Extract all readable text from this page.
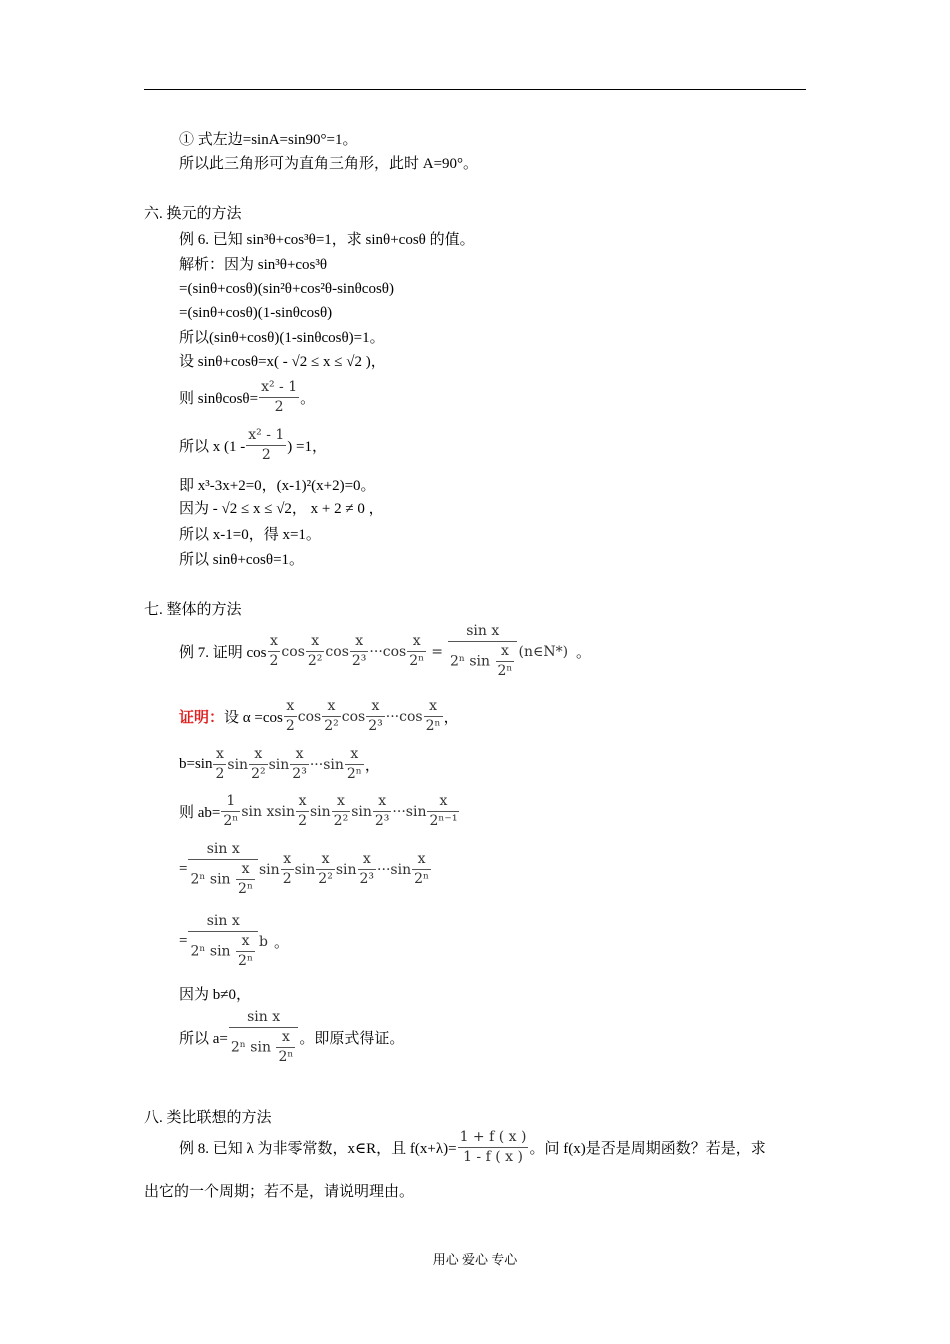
① 式左边=sinA=sin90°=1。
所以此三角形可为直角三角形，此时 A=90°。
六. 换元的方法
例 6. 已知 sin³θ+cos³θ=1，求 sinθ+cosθ 的值。
解析：因为 sin³θ+cos³θ
=(sinθ+cosθ)(sin²θ+cos²θ-sinθcosθ)
=(sinθ+cosθ)(1-sinθcosθ)
所以(sinθ+cosθ)(1-sinθcosθ)=1。
设 sinθ+cosθ=x( - √2 ≤ x ≤ √2 )，
则 $\sin\theta\cos\theta= \frac{\text{x² - 1}}{2}$ 。
所以 x ($1 - \frac{\text{x² - 1}}{2}$ ) =1，
即 x³-3x+2=0，(x-1)²(x+2)=0。
因为 - √2 ≤ x ≤ √2， x + 2 ≠ 0 ，
所以 x-1=0，得 x=1。
所以 sinθ+cosθ=1。
七. 整体的方法
例 7. 证明 $\cos \frac{x}{2}$ $\cos \frac{x}{\text{2²}}$ $\cos \frac{x}{\text{2³}}$ ··· $\cos \frac{x}{\text{2ⁿ}} = \frac{\text{sin x}}{2^n \sin \frac{x}{\text{2ⁿ}}}$ (n∈N*) 。
证明： 设 $\alpha =\cos \frac{x}{2}$ $\cos \frac{x}{\text{2²}}$ $\cos \frac{x}{\text{2³}}$ ··· $\cos \frac{x}{\text{2ⁿ}}$ ，
$b=\sin \frac{x}{2}$ $\sin \frac{x}{\text{2²}}$ $\sin \frac{x}{\text{2³}}$ ··· $\sin \frac{x}{\text{2ⁿ}}$ ，
则 $ab= \frac{1}{\text{2ⁿ}}$ sin x $\sin \frac{x}{2}$ $\sin \frac{x}{\text{2²}}$ $\sin \frac{x}{\text{2³}}$ ··· $\sin \frac{x}{\text{2ⁿ⁻¹}}$
= $\frac{\text{sin x}}{2^n \sin \frac{x}{\text{2ⁿ}}}$ $\sin \frac{x}{2}$ $\sin \frac{x}{\text{2²}}$ $\sin \frac{x}{\text{2³}}$ ··· $\sin \frac{x}{\text{2ⁿ}}$
= $\frac{\text{sin x}}{2^n \sin \frac{x}{\text{2ⁿ}}}$ b 。
因为 b≠0，
所以 $a= \frac{\text{sin x}}{2^n \sin \frac{x}{\text{2ⁿ}}}$ 。即原式得证。
八. 类比联想的方法
例 8. 已知 λ 为非零常数，x∈R，且 $f(x+\lambda)= \frac{1 + f ( x )}{1 - f ( x )}$ 。问 f(x)是否是周期函数？若是，求
出它的一个周期；若不是，请说明理由。
用心 爱心 专心
